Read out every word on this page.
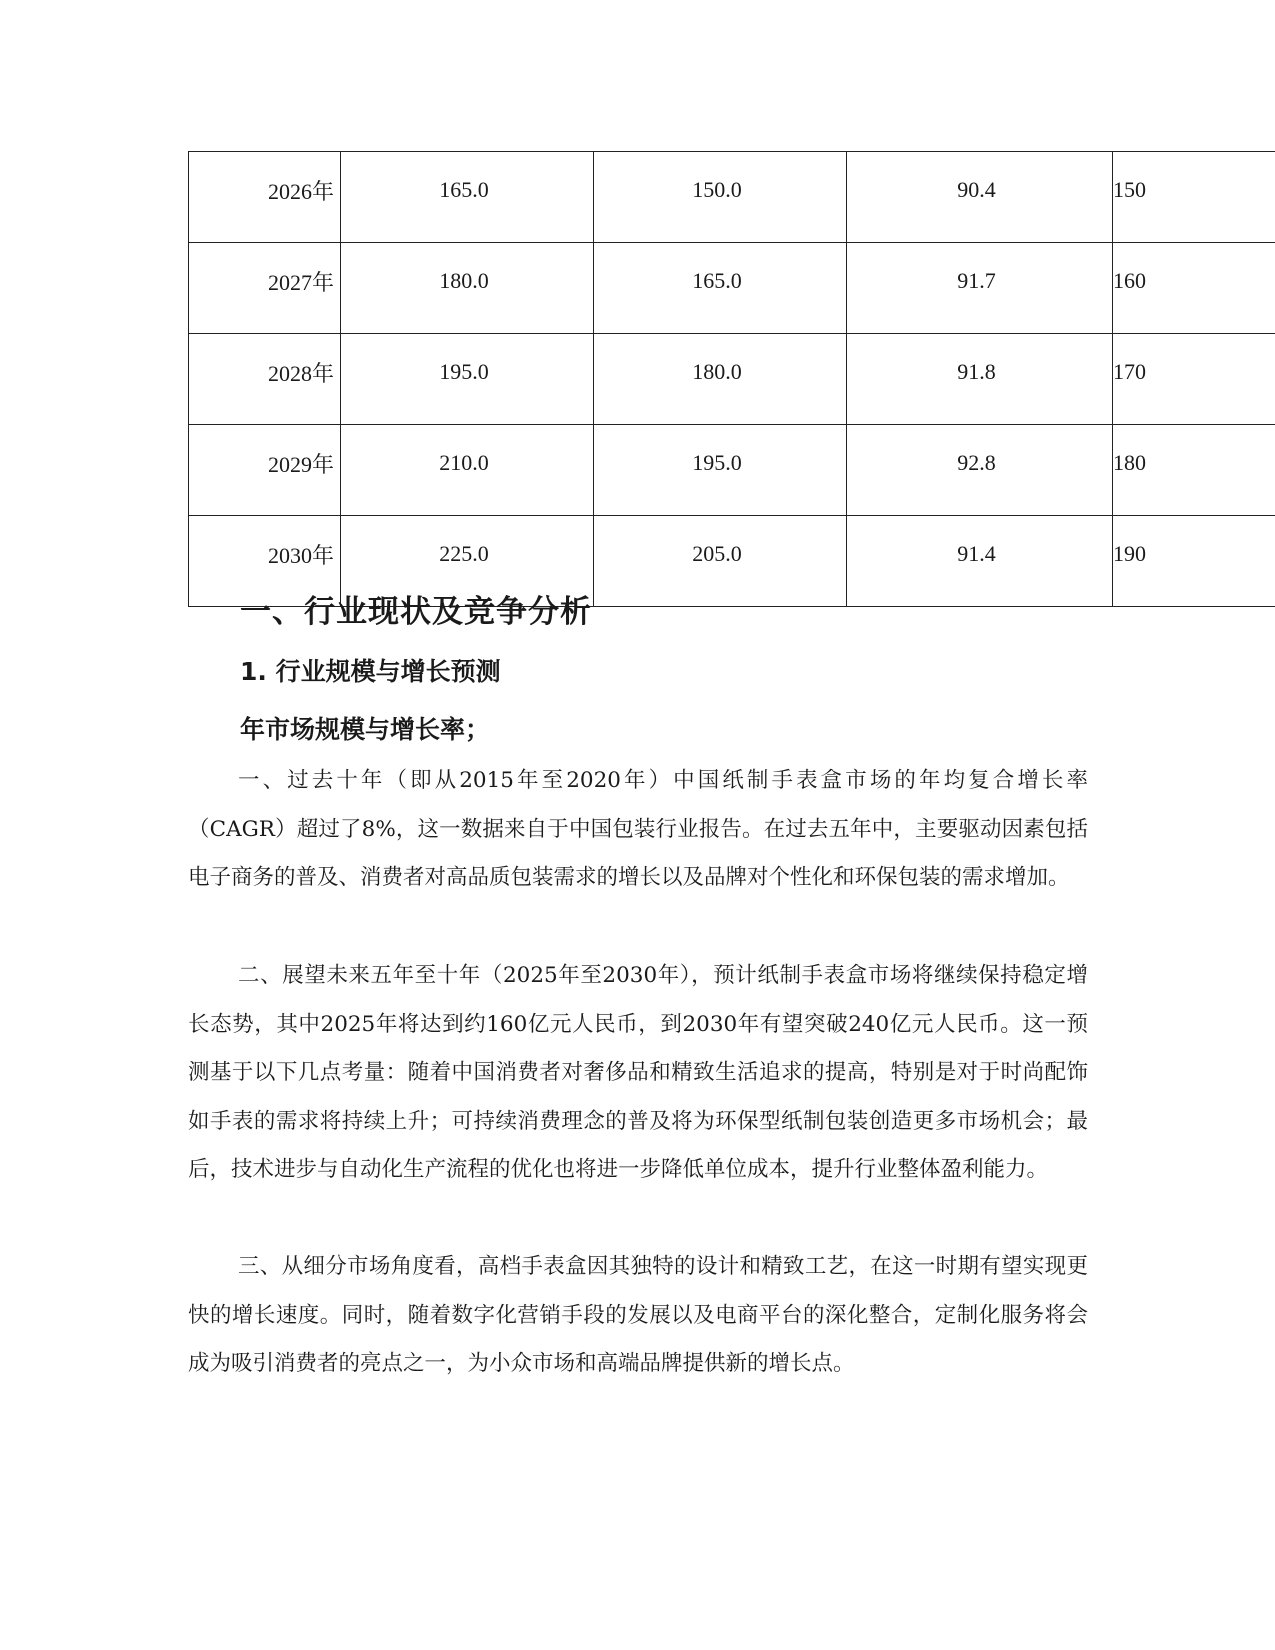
2026年	165.0	150.0	90.4	150
2027年	180.0	165.0	91.7	160
2028年	195.0	180.0	91.8	170
2029年	210.0	195.0	92.8	180
2030年	225.0	205.0	91.4	190
一、行业现状及竞争分析
1. 行业规模与增长预测
年市场规模与增长率；

一、过去十年（即从2015年至2020年）中国纸制手表盒市场的年均复合增长率（CAGR）超过了8%，这一数据来自于中国包装行业报告。在过去五年中，主要驱动因素包括电子商务的普及、消费者对高品质包装需求的增长以及品牌对个性化和环保包装的需求增加。

二、展望未来五年至十年（2025年至2030年），预计纸制手表盒市场将继续保持稳定增长态势，其中2025年将达到约160亿元人民币，到2030年有望突破240亿元人民币。这一预测基于以下几点考量：随着中国消费者对奢侈品和精致生活追求的提高，特别是对于时尚配饰如手表的需求将持续上升；可持续消费理念的普及将为环保型纸制包装创造更多市场机会；最后，技术进步与自动化生产流程的优化也将进一步降低单位成本，提升行业整体盈利能力。

三、从细分市场角度看，高档手表盒因其独特的设计和精致工艺，在这一时期有望实现更快的增长速度。同时，随着数字化营销手段的发展以及电商平台的深化整合，定制化服务将会成为吸引消费者的亮点之一，为小众市场和高端品牌提供新的增长点。
